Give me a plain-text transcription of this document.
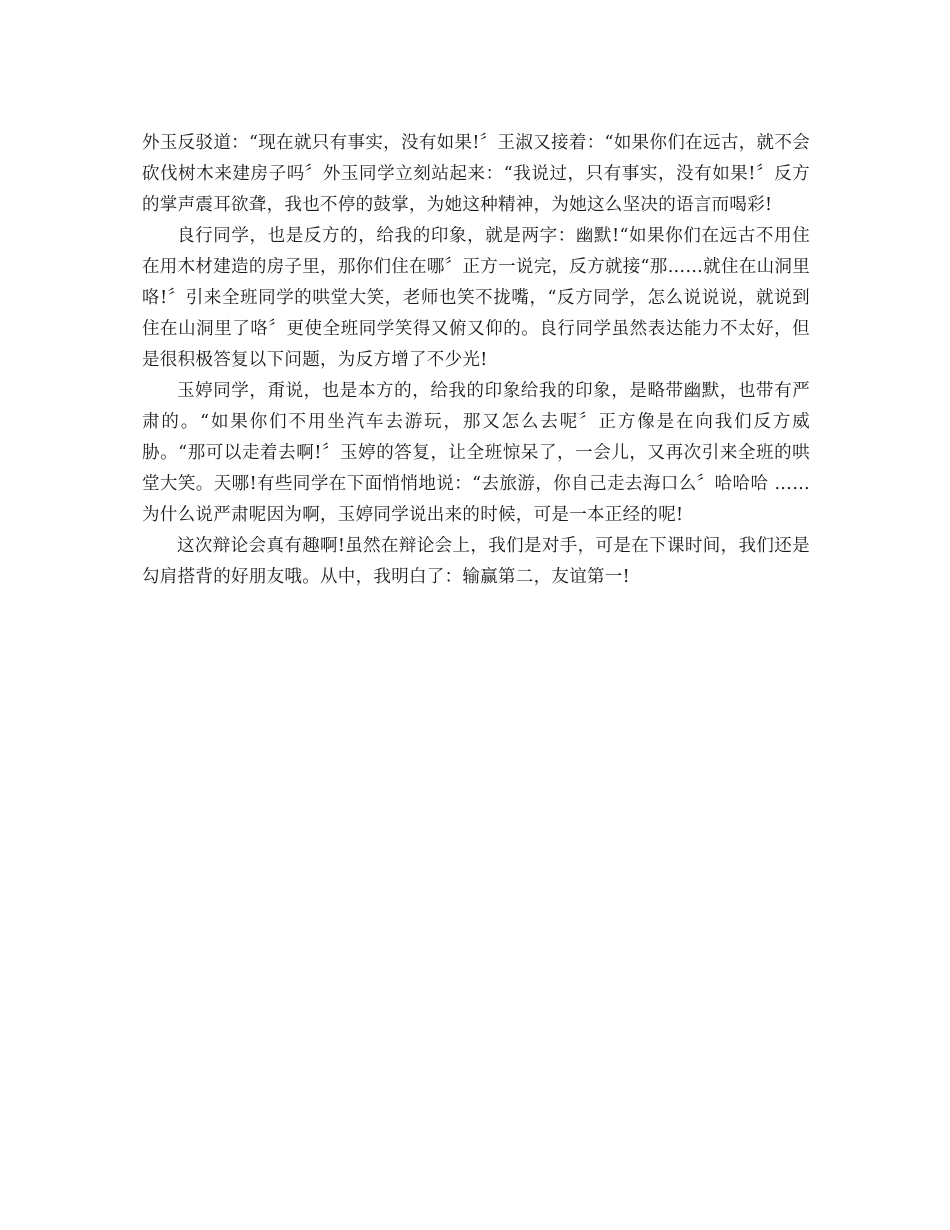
外玉反驳道：“现在就只有事实，没有如果!〞王淑又接着：“如果你们在远古，就不会砍伐树木来建房子吗〞外玉同学立刻站起来：“我说过，只有事实，没有如果!〞反方的掌声震耳欲聋，我也不停的鼓掌，为她这种精神，为她这么坚决的语言而喝彩!

良行同学，也是反方的，给我的印象，就是两字：幽默!“如果你们在远古不用住在用木材建造的房子里，那你们住在哪〞正方一说完，反方就接“那……就住在山洞里咯!〞引来全班同学的哄堂大笑，老师也笑不拢嘴，“反方同学，怎么说说说，就说到住在山洞里了咯〞更使全班同学笑得又俯又仰的。良行同学虽然表达能力不太好，但是很积极答复以下问题，为反方增了不少光!

玉婷同学，甭说，也是本方的，给我的印象给我的印象，是略带幽默，也带有严肃的。“如果你们不用坐汽车去游玩，那又怎么去呢〞正方像是在向我们反方威胁。“那可以走着去啊!〞玉婷的答复，让全班惊呆了，一会儿，又再次引来全班的哄堂大笑。天哪!有些同学在下面悄悄地说：“去旅游，你自己走去海口么〞哈哈哈 …… 为什么说严肃呢因为啊，玉婷同学说出来的时候，可是一本正经的呢!

这次辩论会真有趣啊!虽然在辩论会上，我们是对手，可是在下课时间，我们还是勾肩搭背的好朋友哦。从中，我明白了：输赢第二，友谊第一!
